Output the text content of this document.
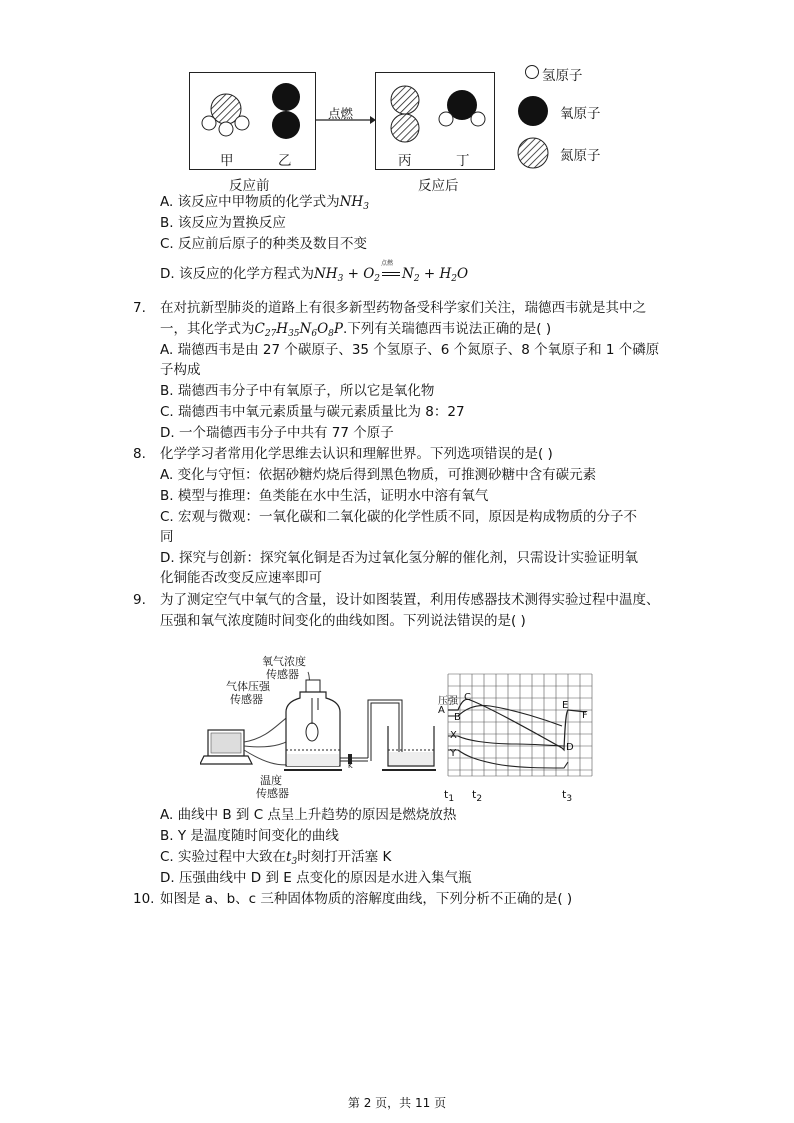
甲	乙
点燃
丙	丁
反应前	反应后
氢原子
氧原子
氮原子
A. 该反应中甲物质的化学式为$NH_3$
B. 该反应为置换反应
C. 反应前后原子的种类及数目不变
D. 该反应的化学方程式为$NH_3 + O_2$
点燃
$N_2 + H_2O$
7. 在对抗新型肺炎的道路上有很多新型药物备受科学家们关注，瑞德西韦就是其中之
一，其化学式为$C_{27}H_{35}N_6O_8P$.下列有关瑞德西韦说法正确的是( )
A. 瑞德西韦是由 27 个碳原子、35 个氢原子、6 个氮原子、8 个氧原子和 1 个磷原
子构成
B. 瑞德西韦分子中有氧原子，所以它是氧化物
C. 瑞德西韦中氧元素质量与碳元素质量比为 8：27
D. 一个瑞德西韦分子中共有 77 个原子
8. 化学学习者常用化学思维去认识和理解世界。下列选项错误的是( )
A. 变化与守恒：依据砂糖灼烧后得到黑色物质，可推测砂糖中含有碳元素
B. 模型与推理：鱼类能在水中生活，证明水中溶有氧气
C. 宏观与微观：一氧化碳和二氧化碳的化学性质不同，原因是构成物质的分子不
同
D. 探究与创新：探究氧化铜是否为过氧化氢分解的催化剂，只需设计实验证明氧
化铜能否改变反应速率即可
9. 为了测定空气中氧气的含量，设计如图装置，利用传感器技术测得实验过程中温度、
压强和氧气浓度随时间变化的曲线如图。下列说法错误的是( )
氧气浓度
传感器
气体压强
传感器
温度
传感器
K
压强
A
B
C
X
Y
D
E
F
$t_1$ $t_2$	$t_3$
A. 曲线中 B 到 C 点呈上升趋势的原因是燃烧放热
B. Y 是温度随时间变化的曲线
C. 实验过程中大致在$t_3$时刻打开活塞 K
D. 压强曲线中 D 到 E 点变化的原因是水进入集气瓶
10. 如图是 a、b、c 三种固体物质的溶解度曲线，下列分析不正确的是( )
第 2 页，共 11 页
